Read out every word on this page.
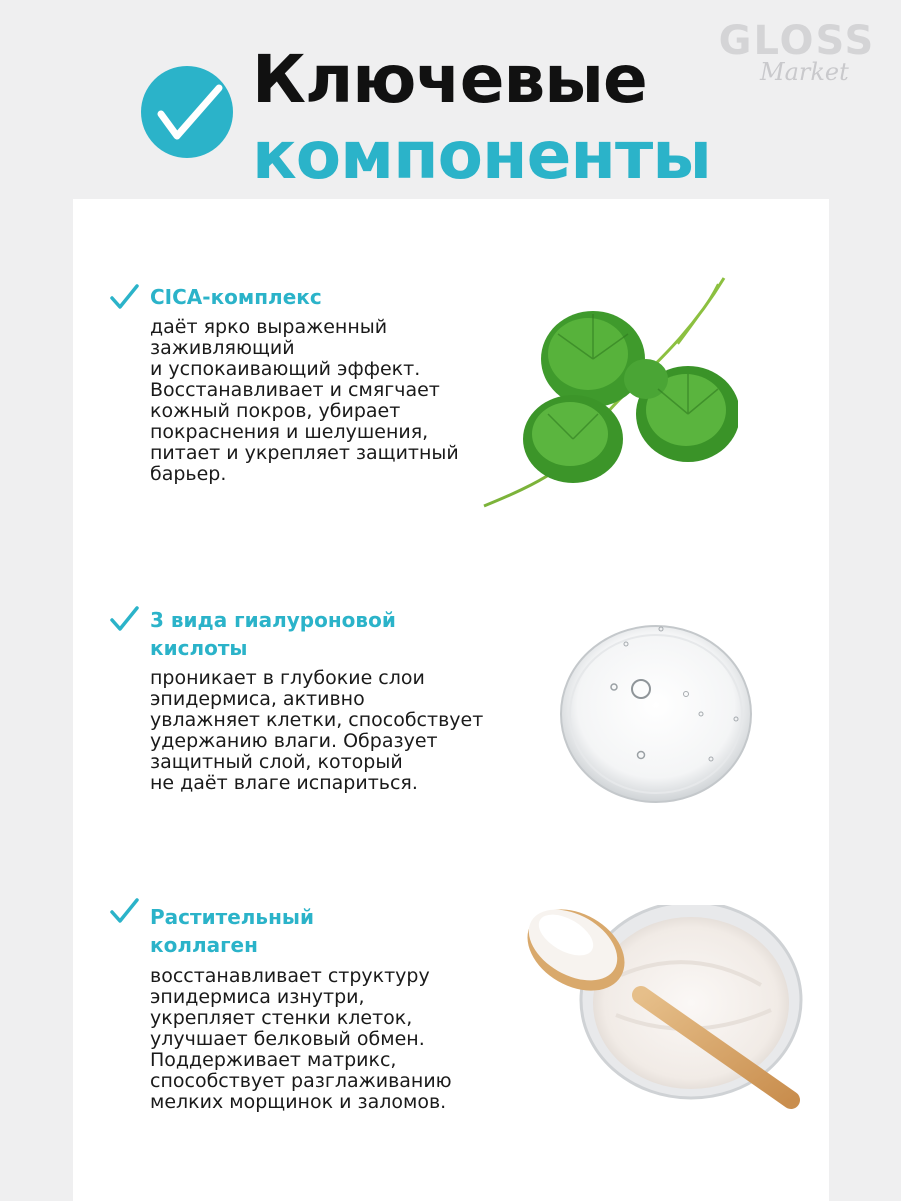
Ключевые
компоненты
GLOSS
Market
CICA-комплекс
даёт ярко выраженный
заживляющий
и успокаивающий эффект.
Восстанавливает и смягчает
кожный покров, убирает
покраснения и шелушения,
питает и укрепляет защитный
барьер.
3 вида гиалуроновой
кислоты
проникает в глубокие слои
эпидермиса, активно
увлажняет клетки, способствует
удержанию влаги. Образует
защитный слой, который
не даёт влаге испариться.
Растительный
коллаген
восстанавливает структуру
эпидермиса изнутри,
укрепляет стенки клеток,
улучшает белковый обмен.
Поддерживает матрикс,
способствует разглаживанию
мелких морщинок и заломов.
